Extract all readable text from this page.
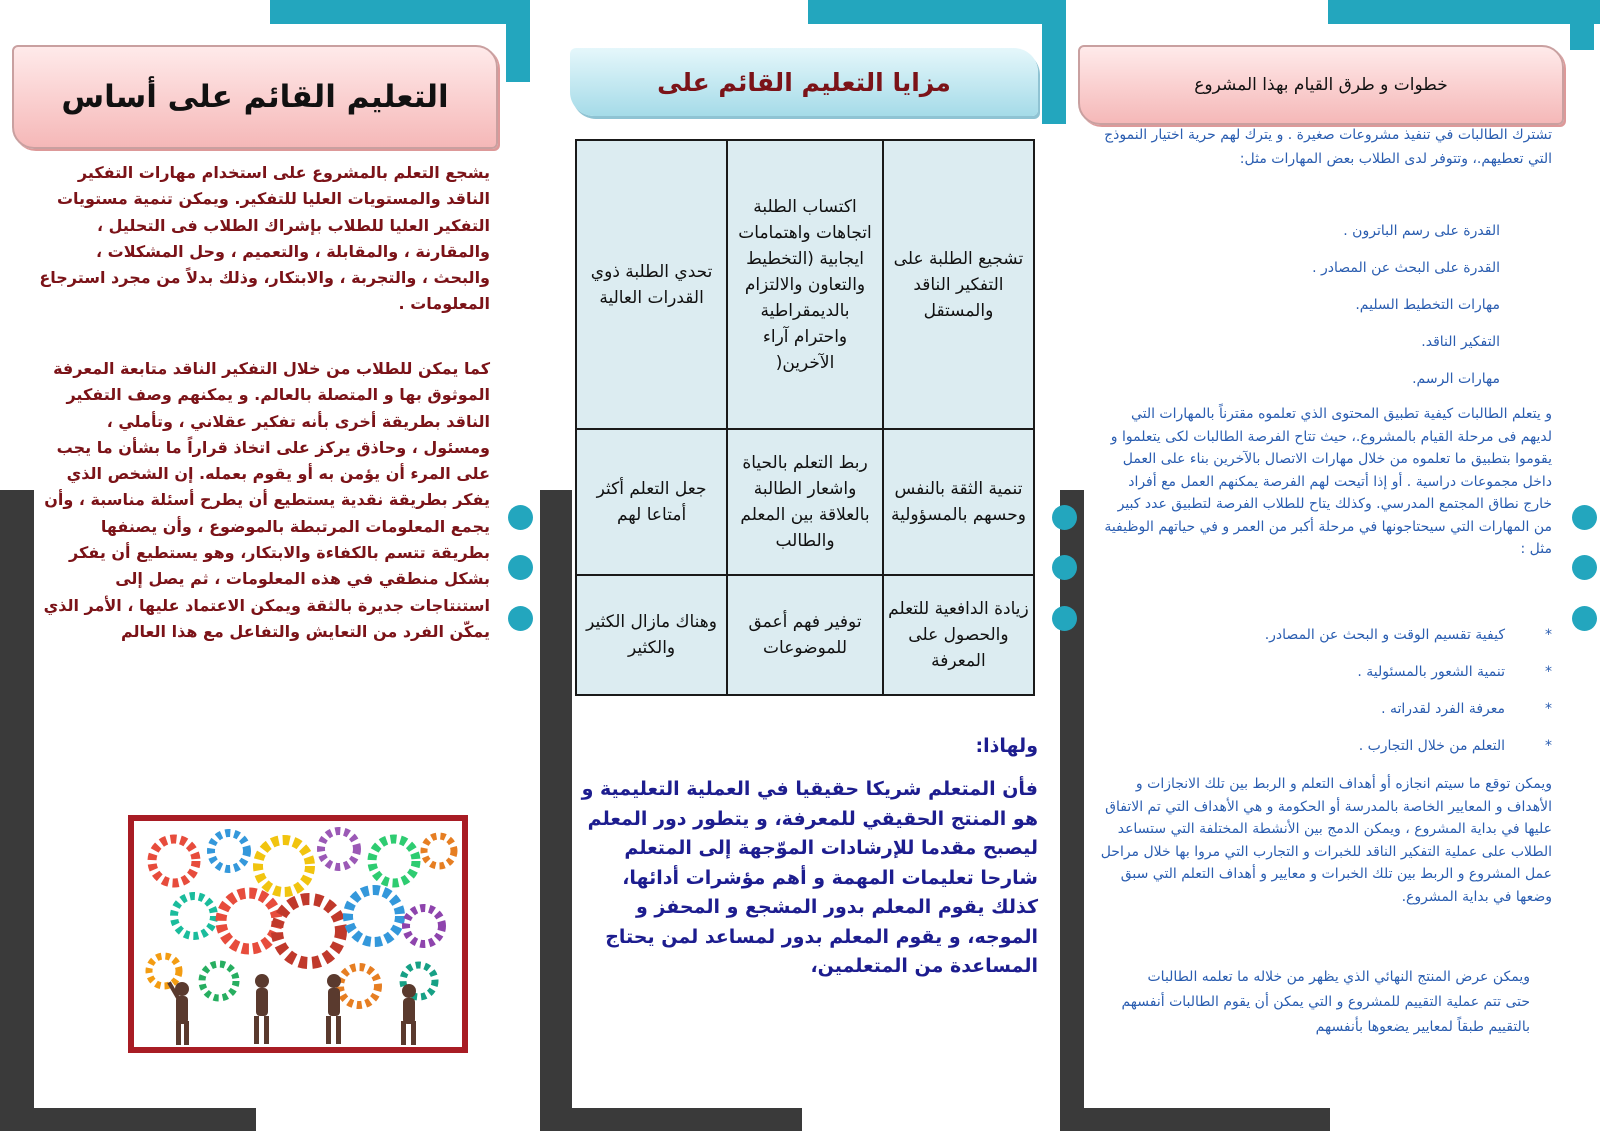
التعليم القائم على أساس
يشجع التعلم بالمشروع على استخدام مهارات التفكير الناقد والمستويات العليا للتفكير. ويمكن تنمية مستويات التفكير العليا للطلاب بإشراك الطلاب فى التحليل ، والمقارنة ، والمقابلة ، والتعميم ، وحل المشكلات ، والبحث ، والتجربة ، والابتكار، وذلك بدلاً من مجرد استرجاع المعلومات .
كما يمكن للطلاب من خلال التفكير الناقد متابعة المعرفة الموثوق بها و المتصلة بالعالم. و يمكنهم وصف التفكير الناقد بطريقة أخرى بأنه تفكير عقلاني ، وتأملي ، ومسئول ، وحاذق يركز على اتخاذ قراراً ما بشأن ما يجب على المرء أن يؤمن به أو يقوم بعمله. إن الشخص الذي يفكر بطريقة نقدية يستطيع أن يطرح أسئلة مناسبة ، وأن يجمع المعلومات المرتبطة بالموضوع ، وأن يصنفها بطريقة تتسم بالكفاءة والابتكار، وهو يستطيع أن يفكر بشكل منطقي في هذه المعلومات ، ثم يصل إلى استنتاجات جديرة بالثقة ويمكن الاعتماد عليها ، الأمر الذي يمكّن الفرد من التعايش والتفاعل مع هذا العالم
مزايا التعليم القائم على
تشجيع الطلبة على التفكير الناقد والمستقل	اكتساب الطلبة اتجاهات واهتمامات ايجابية (التخطيط والتعاون والالتزام بالديمقراطية واحترام آراء الآخرين(	تحدي الطلبة ذوي القدرات العالية
تنمية الثقة بالنفس وحسهم بالمسؤولية	ربط التعلم بالحياة واشعار الطالبة بالعلاقة بين المعلم والطالب	جعل التعلم أكثر أمتاعا لهم
زيادة الدافعية للتعلم والحصول على المعرفة	توفير فهم أعمق للموضوعات	وهناك مازال الكثير والكثير
ولهاذا:
فأن المتعلم شريكا حقيقيا في العملية التعليمية و هو المنتج الحقيقي للمعرفة، و يتطور دور المعلم ليصبح مقدما للإرشادات الموّجهة إلى المتعلم شارحا تعليمات المهمة و أهم مؤشرات أدائها، كذلك يقوم المعلم بدور المشجع و المحفز و الموجه، و يقوم المعلم بدور لمساعد لمن يحتاج المساعدة من المتعلمين،
خطوات و طرق القيام بهذا المشروع
تشترك الطالبات في تنفيذ مشروعات صغيرة . و يترك لهم حرية اختيار النموذج التي تعطيهم.، وتتوفر لدى الطلاب بعض المهارات مثل:
القدرة على رسم الباترون .
القدرة على البحث عن المصادر .
مهارات التخطيط السليم.
التفكير الناقد.
مهارات الرسم.
و يتعلم الطالبات كيفية تطبيق المحتوى الذي تعلموه مقترناً بالمهارات التي لديهم فى مرحلة القيام بالمشروع.، حيث تتاح الفرصة الطالبات لكى يتعلموا و يقوموا بتطبيق ما تعلموه من خلال مهارات الاتصال بالآخرين بناء على العمل داخل مجموعات دراسية . أو إذا أتيحت لهم الفرصة يمكنهم العمل مع أفراد خارج نطاق المجتمع المدرسي. وكذلك يتاح للطلاب الفرصة لتطبيق عدد كبير من المهارات التي سيحتاجونها في مرحلة أكبر من العمر و في حياتهم الوظيفية مثل :
*
كيفية تقسيم الوقت و البحث عن المصادر.
*
تنمية الشعور بالمسئولية .
*
معرفة الفرد لقدراته .
*
التعلم من خلال التجارب .
ويمكن توقع ما سيتم انجازه أو أهداف التعلم و الربط بين تلك الانجازات و الأهداف و المعايير الخاصة بالمدرسة أو الحكومة و هي الأهداف التي تم الاتفاق عليها في بداية المشروع ، ويمكن الدمج بين الأنشطة المختلفة التي ستساعد الطلاب على عملية التفكير الناقد للخبرات و التجارب التي مروا بها خلال مراحل عمل المشروع و الربط بين تلك الخبرات و معايير و أهداف التعلم التي سبق وضعها في بداية المشروع.
ويمكن عرض المنتج النهائي الذي يظهر من خلاله ما تعلمه الطالبات حتى تتم عملية التقييم للمشروع و التي يمكن أن يقوم الطالبات أنفسهم بالتقييم طبقاً لمعايير يضعوها بأنفسهم
